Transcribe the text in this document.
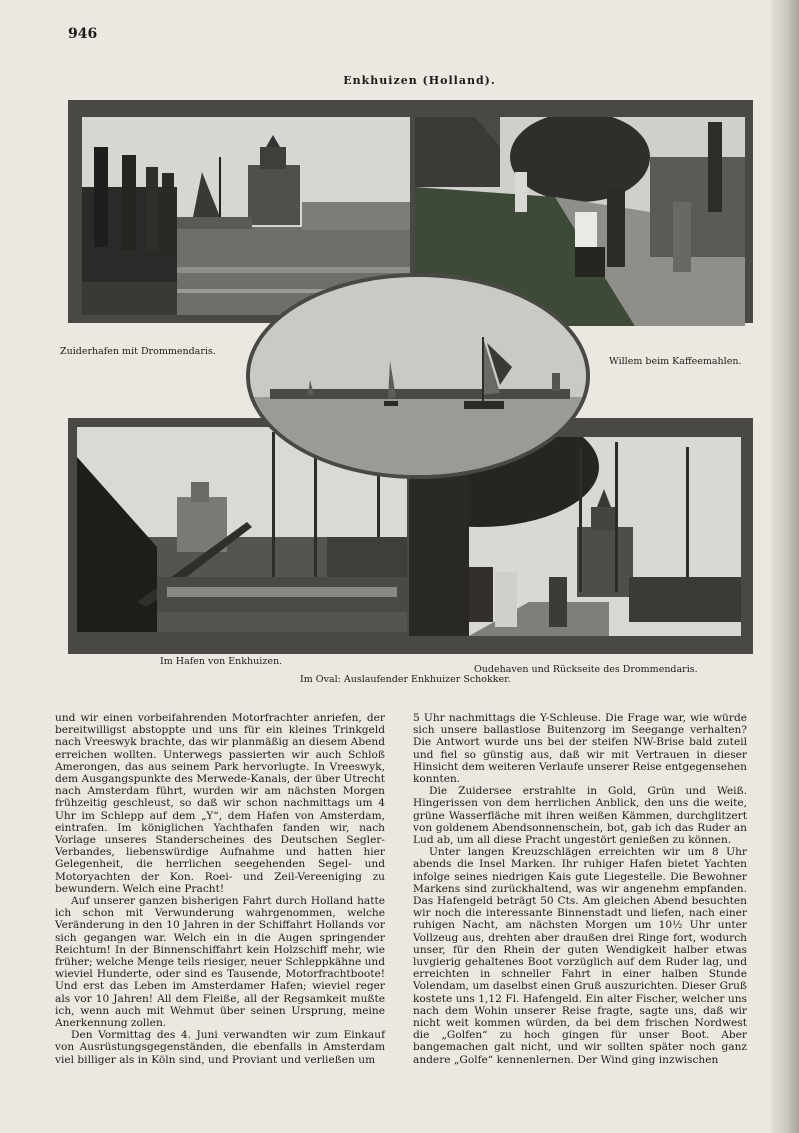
946
Enkhuizen (Holland).
Zuiderhafen mit Drommendaris.
Willem beim Kaffeemahlen.
Im Hafen von Enkhuizen.
Oudehaven und Rückseite des Drommendaris.
Im Oval: Auslaufender Enkhuizer Schokker.

und wir einen vorbeifahrenden Motorfrachter anriefen, der bereitwilligst abstoppte und uns für ein kleines Trinkgeld nach Vreeswyk brachte, das wir planmäßig an diesem Abend erreichen wollten. Unterwegs passierten wir auch Schloß Amerongen, das aus seinem Park hervorlugte. In Vreeswyk, dem Ausgangspunkte des Merwede-Kanals, der über Utrecht nach Amsterdam führt, wurden wir am nächsten Morgen frühzeitig geschleust, so daß wir schon nachmittags um 4 Uhr im Schlepp auf dem „Y“, dem Hafen von Amsterdam, eintrafen. Im königlichen Yachthafen fanden wir, nach Vorlage unseres Standerscheines des Deutschen Segler-Verbandes, liebenswürdige Aufnahme und hatten hier Gelegenheit, die herrlichen seegehenden Segel- und Motoryachten der Kon. Roei- und Zeil-Vereeniging zu bewundern. Welch eine Pracht!

Auf unserer ganzen bisherigen Fahrt durch Holland hatte ich schon mit Verwunderung wahrgenommen, welche Veränderung in den 10 Jahren in der Schiffahrt Hollands vor sich gegangen war. Welch ein in die Augen springender Reichtum! In der Binnenschiffahrt kein Holzschiff mehr, wie früher; welche Menge teils riesiger, neuer Schleppkähne und wieviel Hunderte, oder sind es Tausende, Motorfrachtboote! Und erst das Leben im Amsterdamer Hafen; wieviel reger als vor 10 Jahren! All dem Fleiße, all der Regsamkeit mußte ich, wenn auch mit Wehmut über seinen Ursprung, meine Anerkennung zollen.

Den Vormittag des 4. Juni verwandten wir zum Einkauf von Ausrüstungsgegenständen, die ebenfalls in Amsterdam viel billiger als in Köln sind, und Proviant und verließen um

5 Uhr nachmittags die Y-Schleuse. Die Frage war, wie würde sich unsere ballastlose Buitenzorg im Seegange verhalten? Die Antwort wurde uns bei der steifen NW-Brise bald zuteil und fiel so günstig aus, daß wir mit Vertrauen in dieser Hinsicht dem weiteren Verlaufe unserer Reise entgegensehen konnten.

Die Zuidersee erstrahlte in Gold, Grün und Weiß. Hingerissen von dem herrlichen Anblick, den uns die weite, grüne Wasserfläche mit ihren weißen Kämmen, durchglitzert von goldenem Abendsonnenschein, bot, gab ich das Ruder an Lud ab, um all diese Pracht ungestört genießen zu können.

Unter langen Kreuzschlägen erreichten wir um 8 Uhr abends die Insel Marken. Ihr ruhiger Hafen bietet Yachten infolge seines niedrigen Kais gute Liegestelle. Die Bewohner Markens sind zurückhaltend, was wir angenehm empfanden. Das Hafengeld beträgt 50 Cts. Am gleichen Abend besuchten wir noch die interessante Binnenstadt und liefen, nach einer ruhigen Nacht, am nächsten Morgen um 10½ Uhr unter Vollzeug aus, drehten aber draußen drei Ringe fort, wodurch unser, für den Rhein der guten Wendigkeit halber etwas luvgierig gehaltenes Boot vorzüglich auf dem Ruder lag, und erreichten in schneller Fahrt in einer halben Stunde Volendam, um daselbst einen Gruß auszurichten. Dieser Gruß kostete uns 1,12 Fl. Hafengeld. Ein alter Fischer, welcher uns nach dem Wohin unserer Reise fragte, sagte uns, daß wir nicht weit kommen würden, da bei dem frischen Nordwest die „Golfen“ zu hoch gingen für unser Boot. Aber bangemachen galt nicht, und wir sollten später noch ganz andere „Golfe“ kennenlernen. Der Wind ging inzwischen
